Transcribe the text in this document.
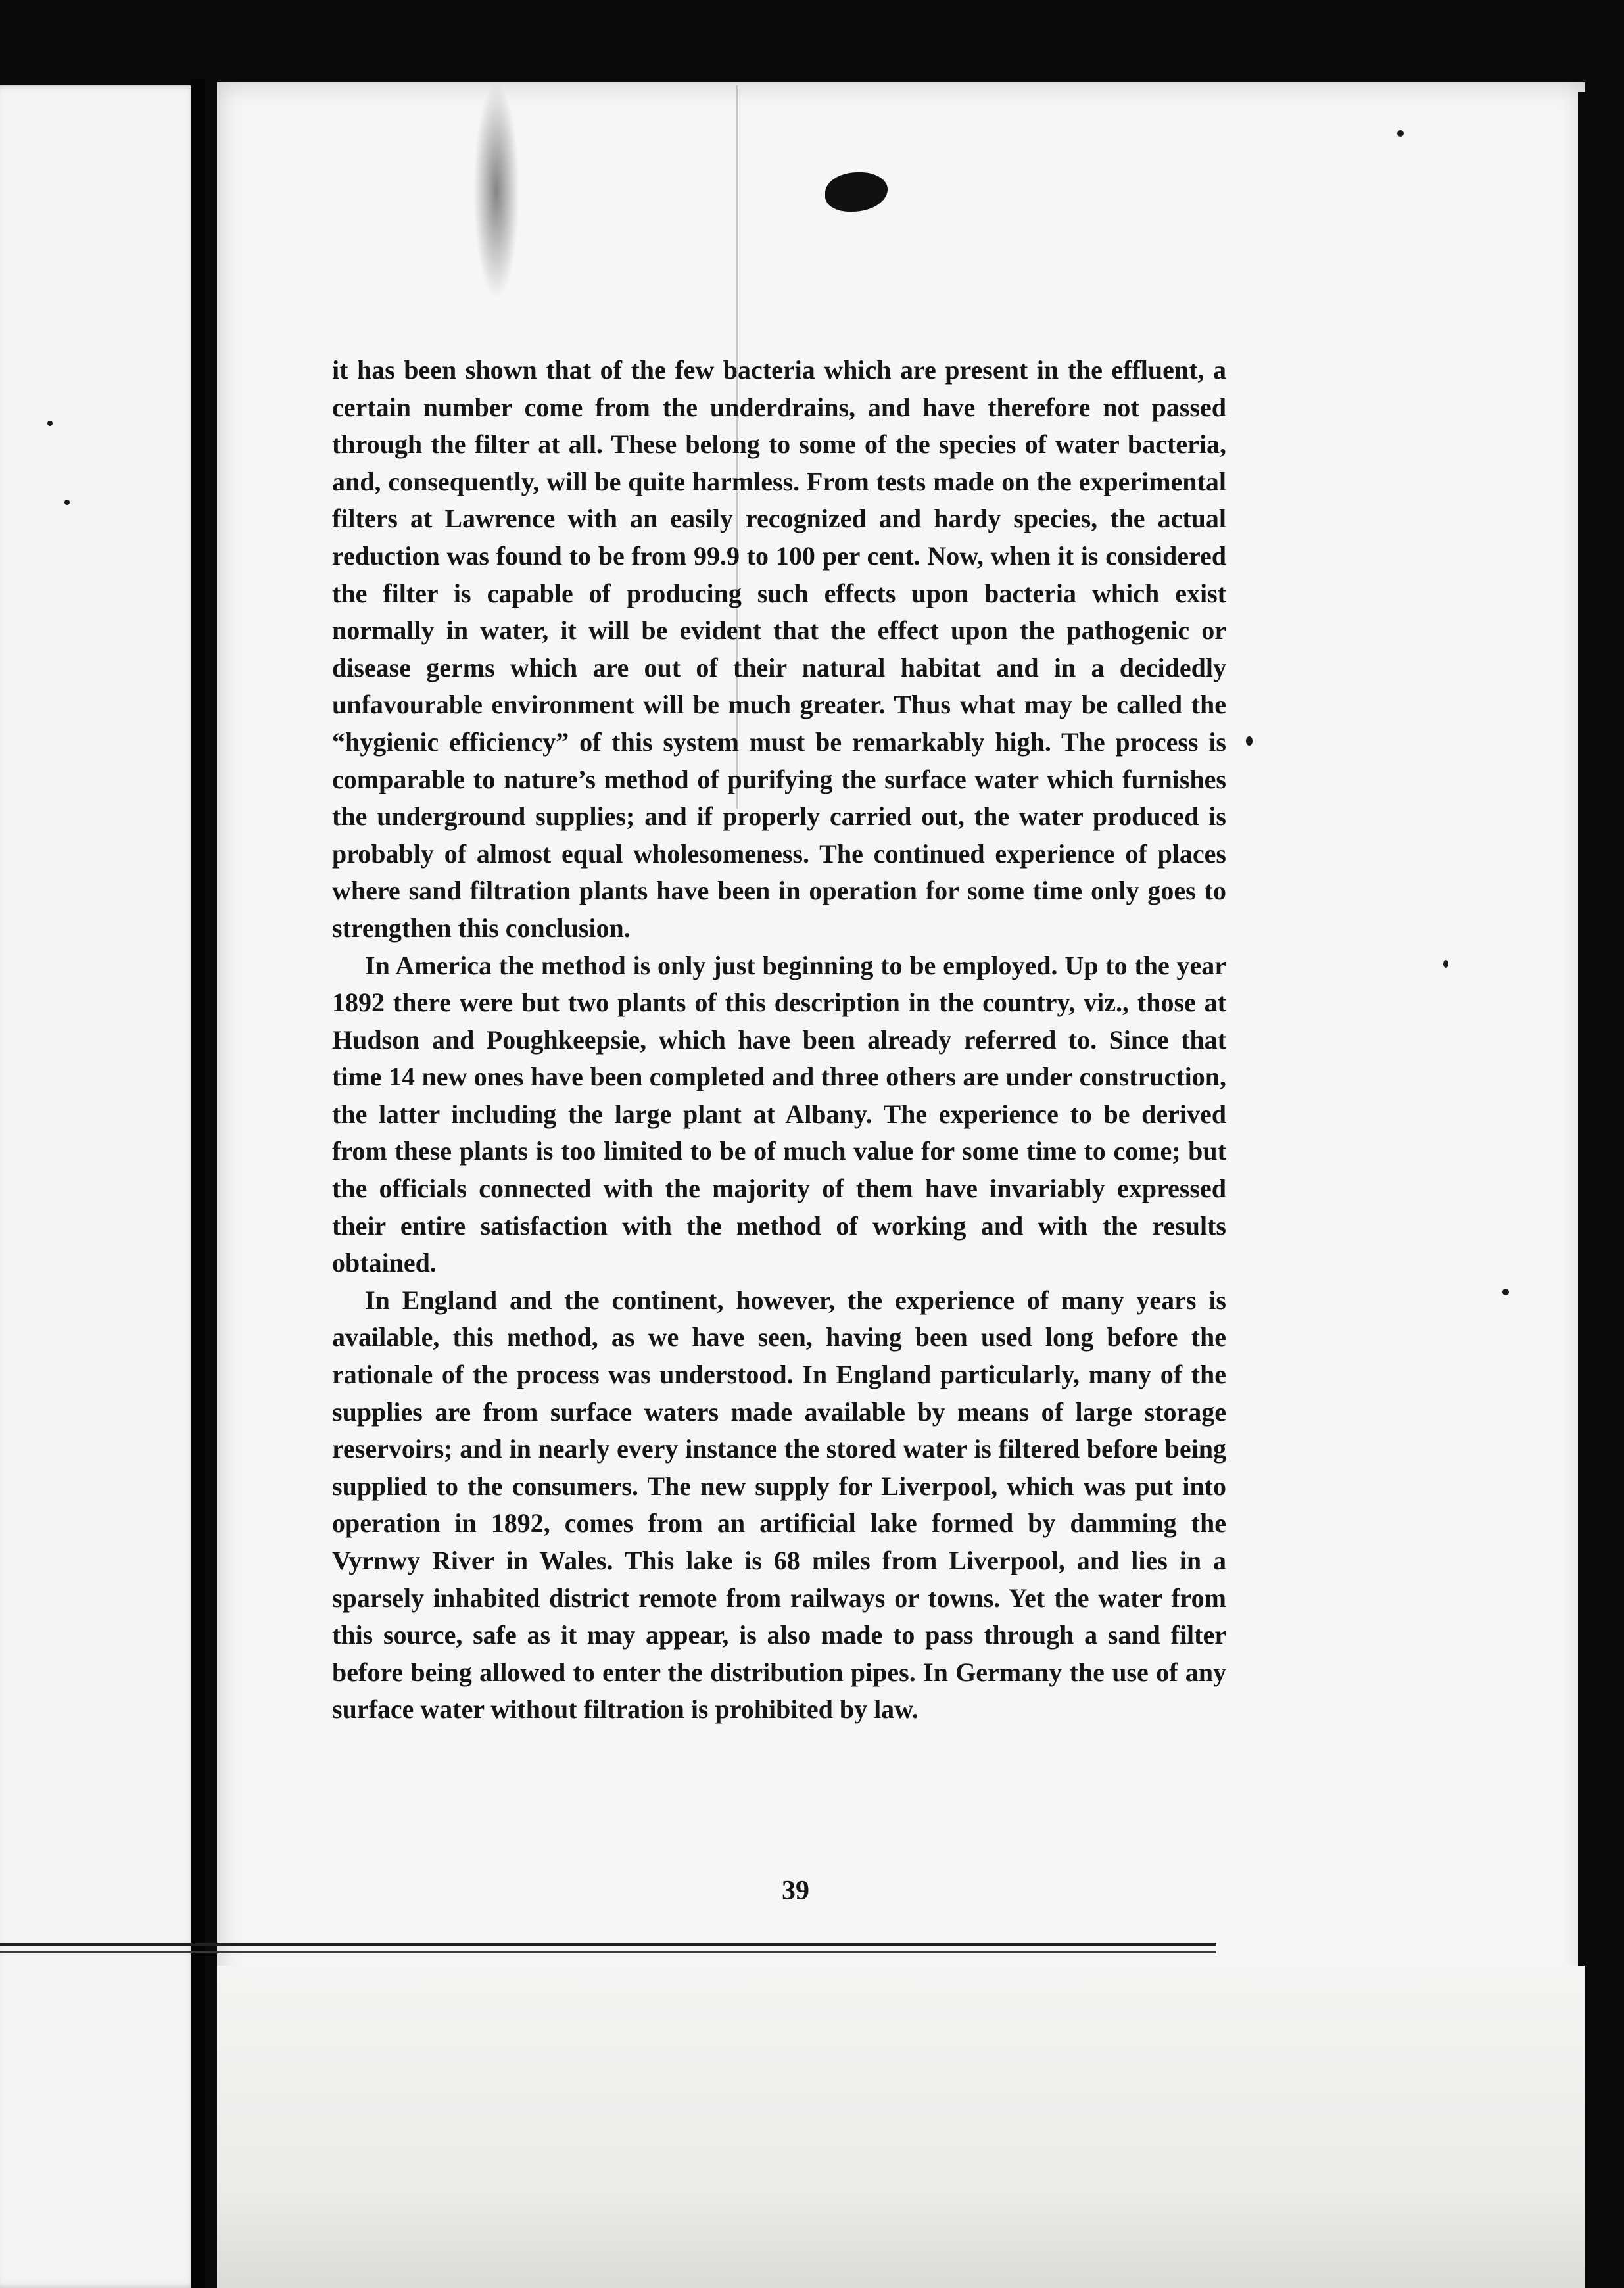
it has been shown that of the few bacteria which are present in the effluent, a certain number come from the underdrains, and have therefore not passed through the filter at all. These belong to some of the species of water bacteria, and, consequently, will be quite harmless. From tests made on the experimental filters at Lawrence with an easily recognized and hardy species, the actual reduction was found to be from 99.9 to 100 per cent. Now, when it is considered the filter is capable of producing such effects upon bacteria which exist normally in water, it will be evident that the effect upon the pathogenic or disease germs which are out of their natural habitat and in a decidedly unfavourable environment will be much greater. Thus what may be called the “hygienic efficiency” of this system must be remarkably high. The process is comparable to nature’s method of purifying the surface water which furnishes the underground supplies; and if properly carried out, the water produced is probably of almost equal wholesomeness. The continued experience of places where sand filtration plants have been in operation for some time only goes to strengthen this conclusion.

In America the method is only just beginning to be employed. Up to the year 1892 there were but two plants of this description in the country, viz., those at Hudson and Poughkeepsie, which have been already referred to. Since that time 14 new ones have been completed and three others are under construction, the latter including the large plant at Albany. The experience to be derived from these plants is too limited to be of much value for some time to come; but the officials connected with the majority of them have invariably expressed their entire satisfaction with the method of working and with the results obtained.

In England and the continent, however, the experience of many years is available, this method, as we have seen, having been used long before the rationale of the process was understood. In England particularly, many of the supplies are from surface waters made available by means of large storage reservoirs; and in nearly every instance the stored water is filtered before being supplied to the consumers. The new supply for Liverpool, which was put into operation in 1892, comes from an artificial lake formed by damming the Vyrnwy River in Wales. This lake is 68 miles from Liverpool, and lies in a sparsely inhabited district remote from railways or towns. Yet the water from this source, safe as it may appear, is also made to pass through a sand filter before being allowed to enter the distribution pipes. In Germany the use of any surface water without filtration is prohibited by law.

39
